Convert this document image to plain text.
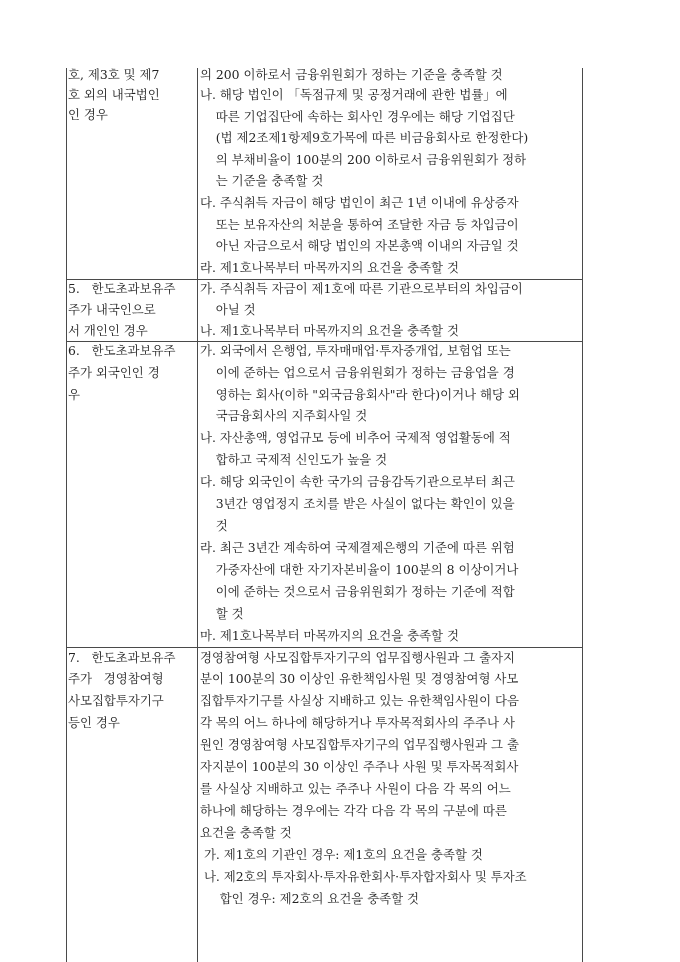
호, 제3호 및 제7
호 외의 내국법인
인 경우
의 200 이하로서 금융위원회가 정하는 기준을 충족할 것
나. 해당 법인이 「독점규제 및 공정거래에 관한 법률」에
따른 기업집단에 속하는 회사인 경우에는 해당 기업집단
(법 제2조제1항제9호가목에 따른 비금융회사로 한정한다)
의 부채비율이 100분의 200 이하로서 금융위원회가 정하
는 기준을 충족할 것
다. 주식취득 자금이 해당 법인이 최근 1년 이내에 유상증자
또는 보유자산의 처분을 통하여 조달한 자금 등 차입금이
아닌 자금으로서 해당 법인의 자본총액 이내의 자금일 것
라. 제1호나목부터 마목까지의 요건을 충족할 것
5.   한도초과보유주
주가 내국인으로
서 개인인 경우
가. 주식취득 자금이 제1호에 따른 기관으로부터의 차입금이
아닐 것
나. 제1호나목부터 마목까지의 요건을 충족할 것
6.   한도초과보유주
주가 외국인인 경
우
가. 외국에서 은행업, 투자매매업·투자중개업, 보험업 또는
이에 준하는 업으로서 금융위원회가 정하는 금융업을 경
영하는 회사(이하 "외국금융회사"라 한다)이거나 해당 외
국금융회사의 지주회사일 것
나. 자산총액, 영업규모 등에 비추어 국제적 영업활동에 적
합하고 국제적 신인도가 높을 것
다. 해당 외국인이 속한 국가의 금융감독기관으로부터 최근
3년간 영업정지 조치를 받은 사실이 없다는 확인이 있을
것
라. 최근 3년간 계속하여 국제결제은행의 기준에 따른 위험
가중자산에 대한 자기자본비율이 100분의 8 이상이거나
이에 준하는 것으로서 금융위원회가 정하는 기준에 적합
할 것
마. 제1호나목부터 마목까지의 요건을 충족할 것
7.   한도초과보유주
주가   경영참여형
사모집합투자기구
등인 경우
경영참여형 사모집합투자기구의 업무집행사원과 그 출자지
분이 100분의 30 이상인 유한책임사원 및 경영참여형 사모
집합투자기구를 사실상 지배하고 있는 유한책임사원이 다음
각 목의 어느 하나에 해당하거나 투자목적회사의 주주나 사
원인 경영참여형 사모집합투자기구의 업무집행사원과 그 출
자지분이 100분의 30 이상인 주주나 사원 및 투자목적회사
를 사실상 지배하고 있는 주주나 사원이 다음 각 목의 어느
하나에 해당하는 경우에는 각각 다음 각 목의 구분에 따른
요건을 충족할 것
가. 제1호의 기관인 경우: 제1호의 요건을 충족할 것
나. 제2호의 투자회사·투자유한회사·투자합자회사 및 투자조
합인 경우: 제2호의 요건을 충족할 것
